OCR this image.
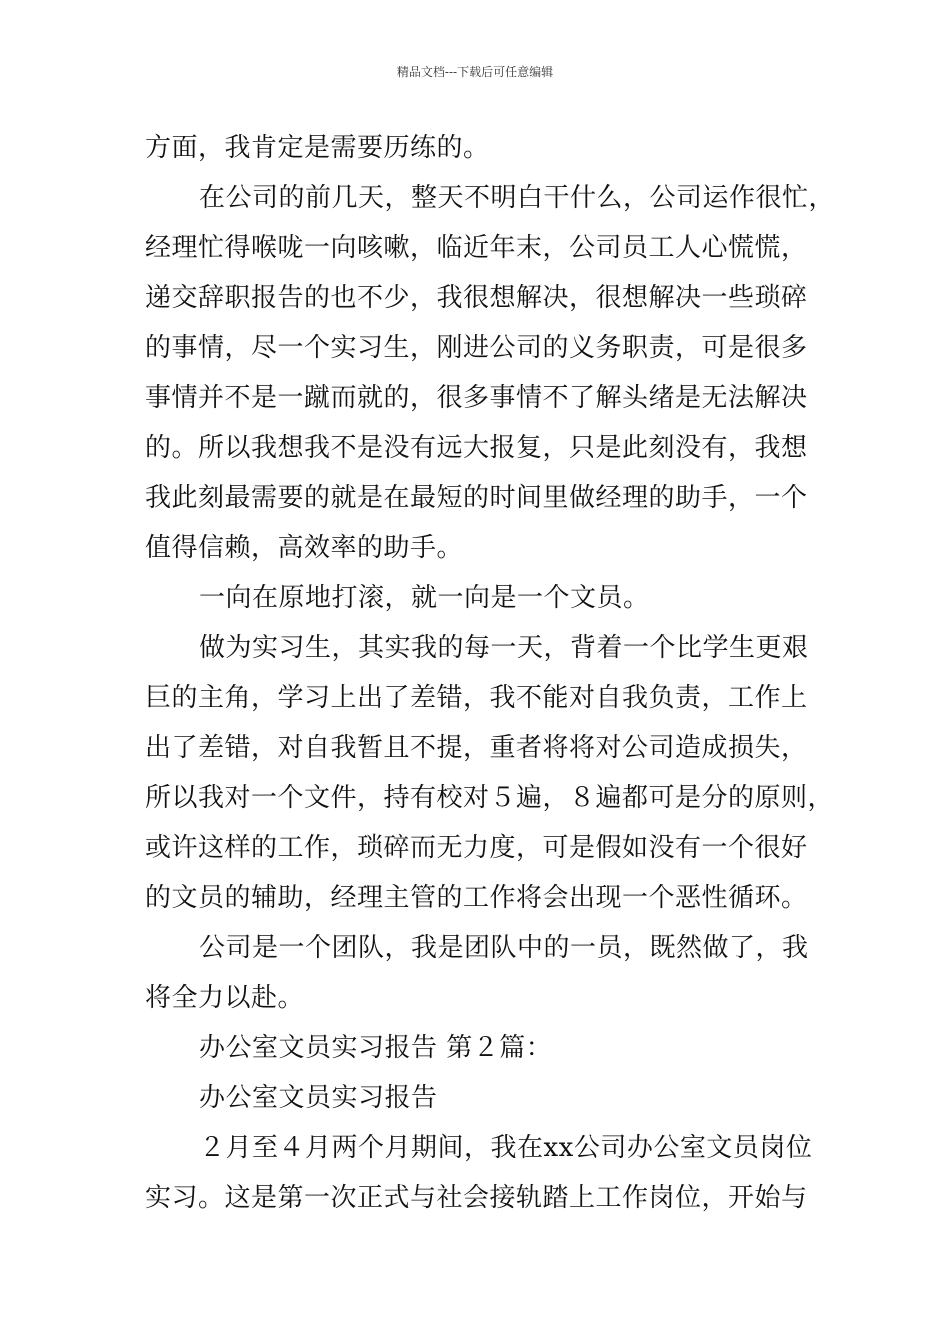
精品文档---下载后可任意编辑
方面，我肯定是需要历练的。
在公司的前几天，整天不明白干什么，公司运作很忙，
经理忙得喉咙一向咳嗽，临近年末，公司员工人心慌慌，
递交辞职报告的也不少，我很想解决，很想解决一些琐碎
的事情，尽一个实习生，刚进公司的义务职责，可是很多
事情并不是一蹴而就的，很多事情不了解头绪是无法解决
的。所以我想我不是没有远大报复，只是此刻没有，我想
我此刻最需要的就是在最短的时间里做经理的助手，一个
值得信赖，高效率的助手。
一向在原地打滚，就一向是一个文员。
做为实习生，其实我的每一天，背着一个比学生更艰
巨的主角，学习上出了差错，我不能对自我负责，工作上
出了差错，对自我暂且不提，重者将将对公司造成损失，
所以我对一个文件，持有校对５遍，８遍都可是分的原则，
或许这样的工作，琐碎而无力度，可是假如没有一个很好
的文员的辅助，经理主管的工作将会出现一个恶性循环。
公司是一个团队，我是团队中的一员，既然做了，我
将全力以赴。
办公室文员实习报告 第２篇：
办公室文员实习报告
２月至４月两个月期间，我在xx公司办公室文员岗位
实习。这是第一次正式与社会接轨踏上工作岗位，开始与
